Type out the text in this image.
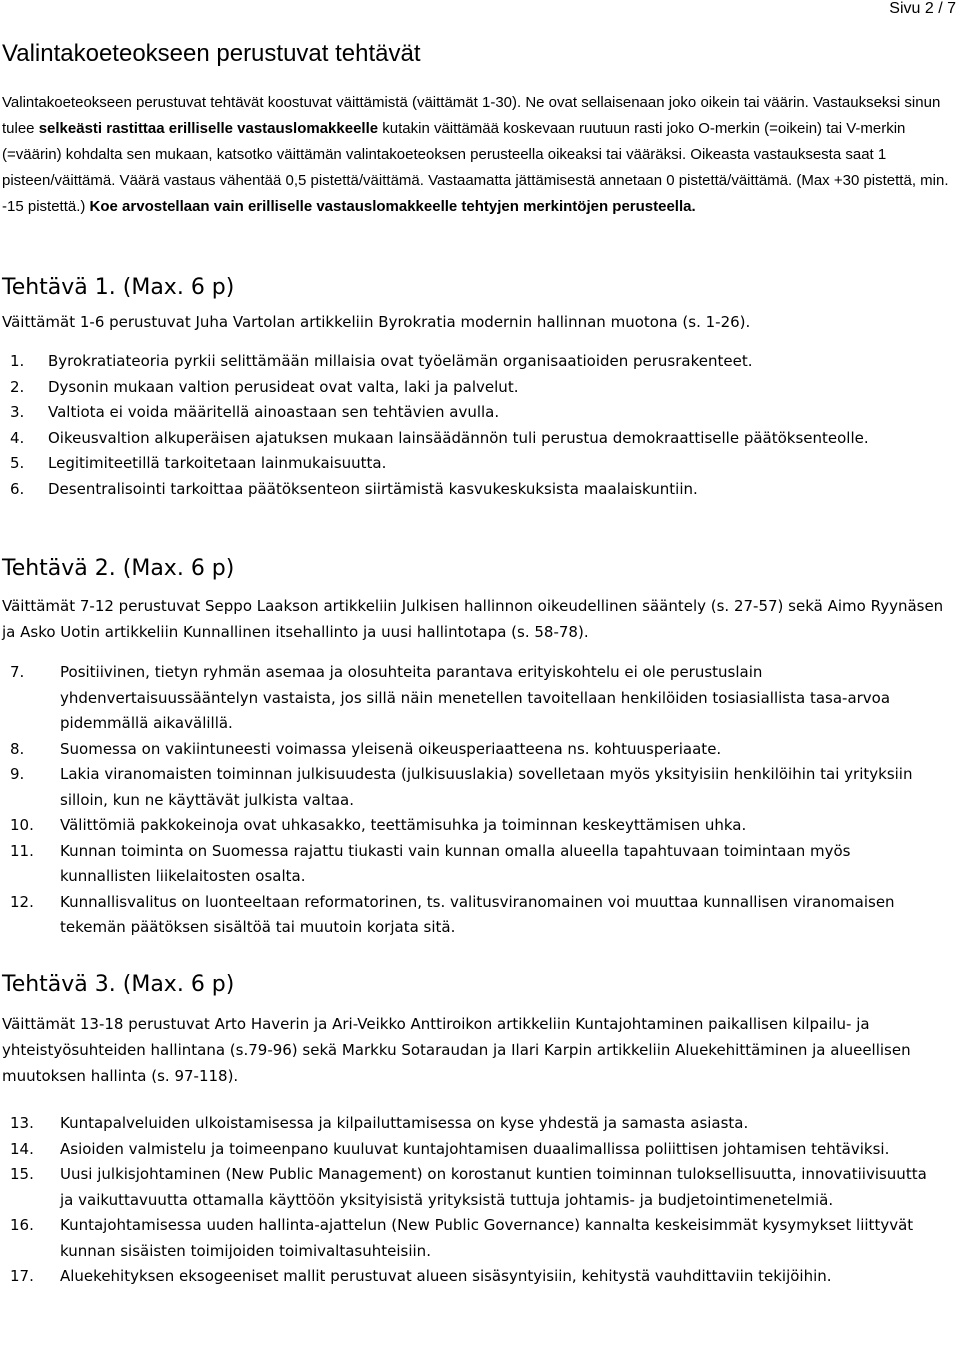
Sivu 2 / 7
Valintakoeteokseen perustuvat tehtävät

Valintakoeteokseen perustuvat tehtävät koostuvat väittämistä (väittämät 1-30). Ne ovat sellaisenaan joko oikein tai väärin. Vastaukseksi sinun tulee selkeästi rastittaa erilliselle vastauslomakkeelle kutakin väittämää koskevaan ruutuun rasti joko O-merkin (=oikein) tai V-merkin (=väärin) kohdalta sen mukaan, katsotko väittämän valintakoeteoksen perusteella oikeaksi tai vääräksi. Oikeasta vastauksesta saat 1 pisteen/väittämä. Väärä vastaus vähentää 0,5 pistettä/väittämä. Vastaamatta jättämisestä annetaan 0 pistettä/väittämä. (Max +30 pistettä, min. -15 pistettä.) Koe arvostellaan vain erilliselle vastauslomakkeelle tehtyjen merkintöjen perusteella.

Tehtävä 1. (Max. 6 p)

Väittämät 1-6 perustuvat Juha Vartolan artikkeliin Byrokratia modernin hallinnan muotona (s. 1-26).

1. Byrokratiateoria pyrkii selittämään millaisia ovat työelämän organisaatioiden perusrakenteet.
2. Dysonin mukaan valtion perusideat ovat valta, laki ja palvelut.
3. Valtiota ei voida määritellä ainoastaan sen tehtävien avulla.
4. Oikeusvaltion alkuperäisen ajatuksen mukaan lainsäädännön tuli perustua demokraattiselle päätöksenteolle.
5. Legitimiteetillä tarkoitetaan lainmukaisuutta.
6. Desentralisointi tarkoittaa päätöksenteon siirtämistä kasvukeskuksista maalaiskuntiin.
Tehtävä 2. (Max. 6 p)

Väittämät 7-12 perustuvat Seppo Laakson artikkeliin Julkisen hallinnon oikeudellinen sääntely (s. 27-57) sekä Aimo Ryynäsen ja Asko Uotin artikkeliin Kunnallinen itsehallinto ja uusi hallintotapa (s. 58-78).

7. Positiivinen, tietyn ryhmän asemaa ja olosuhteita parantava erityiskohtelu ei ole perustuslain yhdenvertaisuussääntelyn vastaista, jos sillä näin menetellen tavoitellaan henkilöiden tosiasiallista tasa-arvoa pidemmällä aikavälillä.
8. Suomessa on vakiintuneesti voimassa yleisenä oikeusperiaatteena ns. kohtuusperiaate.
9. Lakia viranomaisten toiminnan julkisuudesta (julkisuuslakia) sovelletaan myös yksityisiin henkilöihin tai yrityksiin silloin, kun ne käyttävät julkista valtaa.
10. Välittömiä pakkokeinoja ovat uhkasakko, teettämisuhka ja toiminnan keskeyttämisen uhka.
11. Kunnan toiminta on Suomessa rajattu tiukasti vain kunnan omalla alueella tapahtuvaan toimintaan myös kunnallisten liikelaitosten osalta.
12. Kunnallisvalitus on luonteeltaan reformatorinen, ts. valitusviranomainen voi muuttaa kunnallisen viranomaisen tekemän päätöksen sisältöä tai muutoin korjata sitä.
Tehtävä 3. (Max. 6 p)

Väittämät 13-18 perustuvat Arto Haverin ja Ari-Veikko Anttiroikon artikkeliin Kuntajohtaminen paikallisen kilpailu- ja yhteistyösuhteiden hallintana (s.79-96) sekä Markku Sotaraudan ja Ilari Karpin artikkeliin Aluekehittäminen ja alueellisen muutoksen hallinta (s. 97-118).

13. Kuntapalveluiden ulkoistamisessa ja kilpailuttamisessa on kyse yhdestä ja samasta asiasta.
14. Asioiden valmistelu ja toimeenpano kuuluvat kuntajohtamisen duaalimallissa poliittisen johtamisen tehtäviksi.
15. Uusi julkisjohtaminen (New Public Management) on korostanut kuntien toiminnan tuloksellisuutta, innovatiivisuutta ja vaikuttavuutta ottamalla käyttöön yksityisistä yrityksistä tuttuja johtamis- ja budjetointimenetelmiä.
16. Kuntajohtamisessa uuden hallinta-ajattelun (New Public Governance) kannalta keskeisimmät kysymykset liittyvät kunnan sisäisten toimijoiden toimivaltasuhteisiin.
17. Aluekehityksen eksogeeniset mallit perustuvat alueen sisäsyntyisiin, kehitystä vauhdittaviin tekijöihin.
